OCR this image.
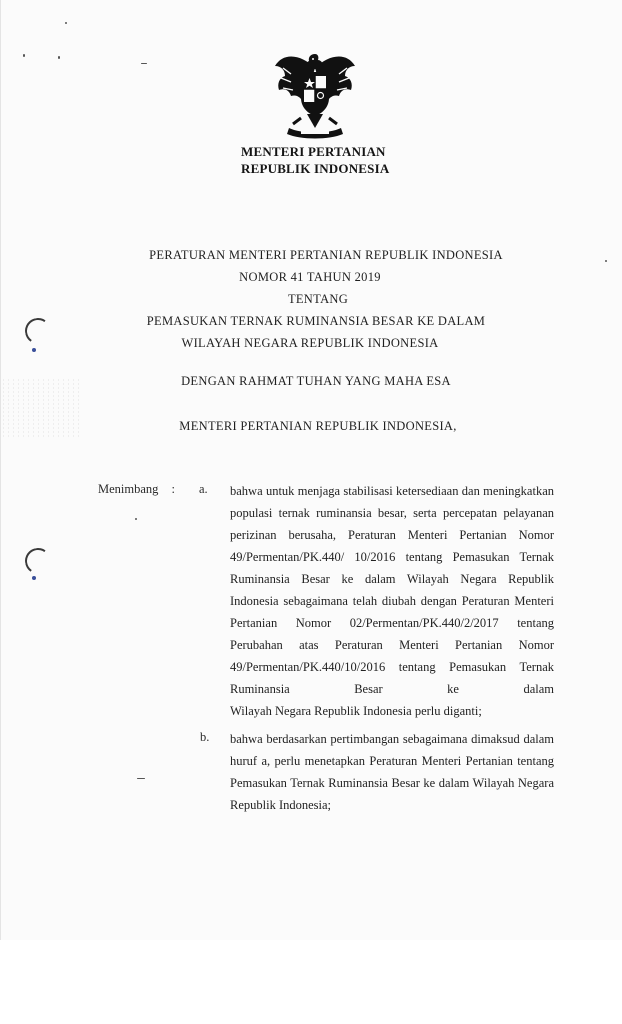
MENTERI PERTANIAN
REPUBLIK INDONESIA
PERATURAN MENTERI PERTANIAN REPUBLIK INDONESIA
NOMOR 41 TAHUN 2019
TENTANG
PEMASUKAN TERNAK RUMINANSIA BESAR KE DALAM
WILAYAH NEGARA REPUBLIK INDONESIA
DENGAN RAHMAT TUHAN YANG MAHA ESA
MENTERI PERTANIAN REPUBLIK INDONESIA,
Menimbang : a. bahwa untuk menjaga stabilisasi ketersediaan dan meningkatkan populasi ternak ruminansia besar, serta percepatan pelayanan perizinan berusaha, Peraturan Menteri Pertanian Nomor 49/Permentan/PK.440/ 10/2016 tentang Pemasukan Ternak Ruminansia Besar ke dalam Wilayah Negara Republik Indonesia sebagaimana telah diubah dengan Peraturan Menteri Pertanian Nomor 02/Permentan/PK.440/2/2017 tentang Perubahan atas Peraturan Menteri Pertanian Nomor 49/Permentan/PK.440/10/2016 tentang Pemasukan Ternak Ruminansia Besar ke dalam
Wilayah Negara Republik Indonesia perlu diganti;
b. bahwa berdasarkan pertimbangan sebagaimana dimaksud dalam huruf a, perlu menetapkan Peraturan Menteri Pertanian tentang Pemasukan Ternak Ruminansia Besar ke dalam Wilayah Negara Republik Indonesia;
